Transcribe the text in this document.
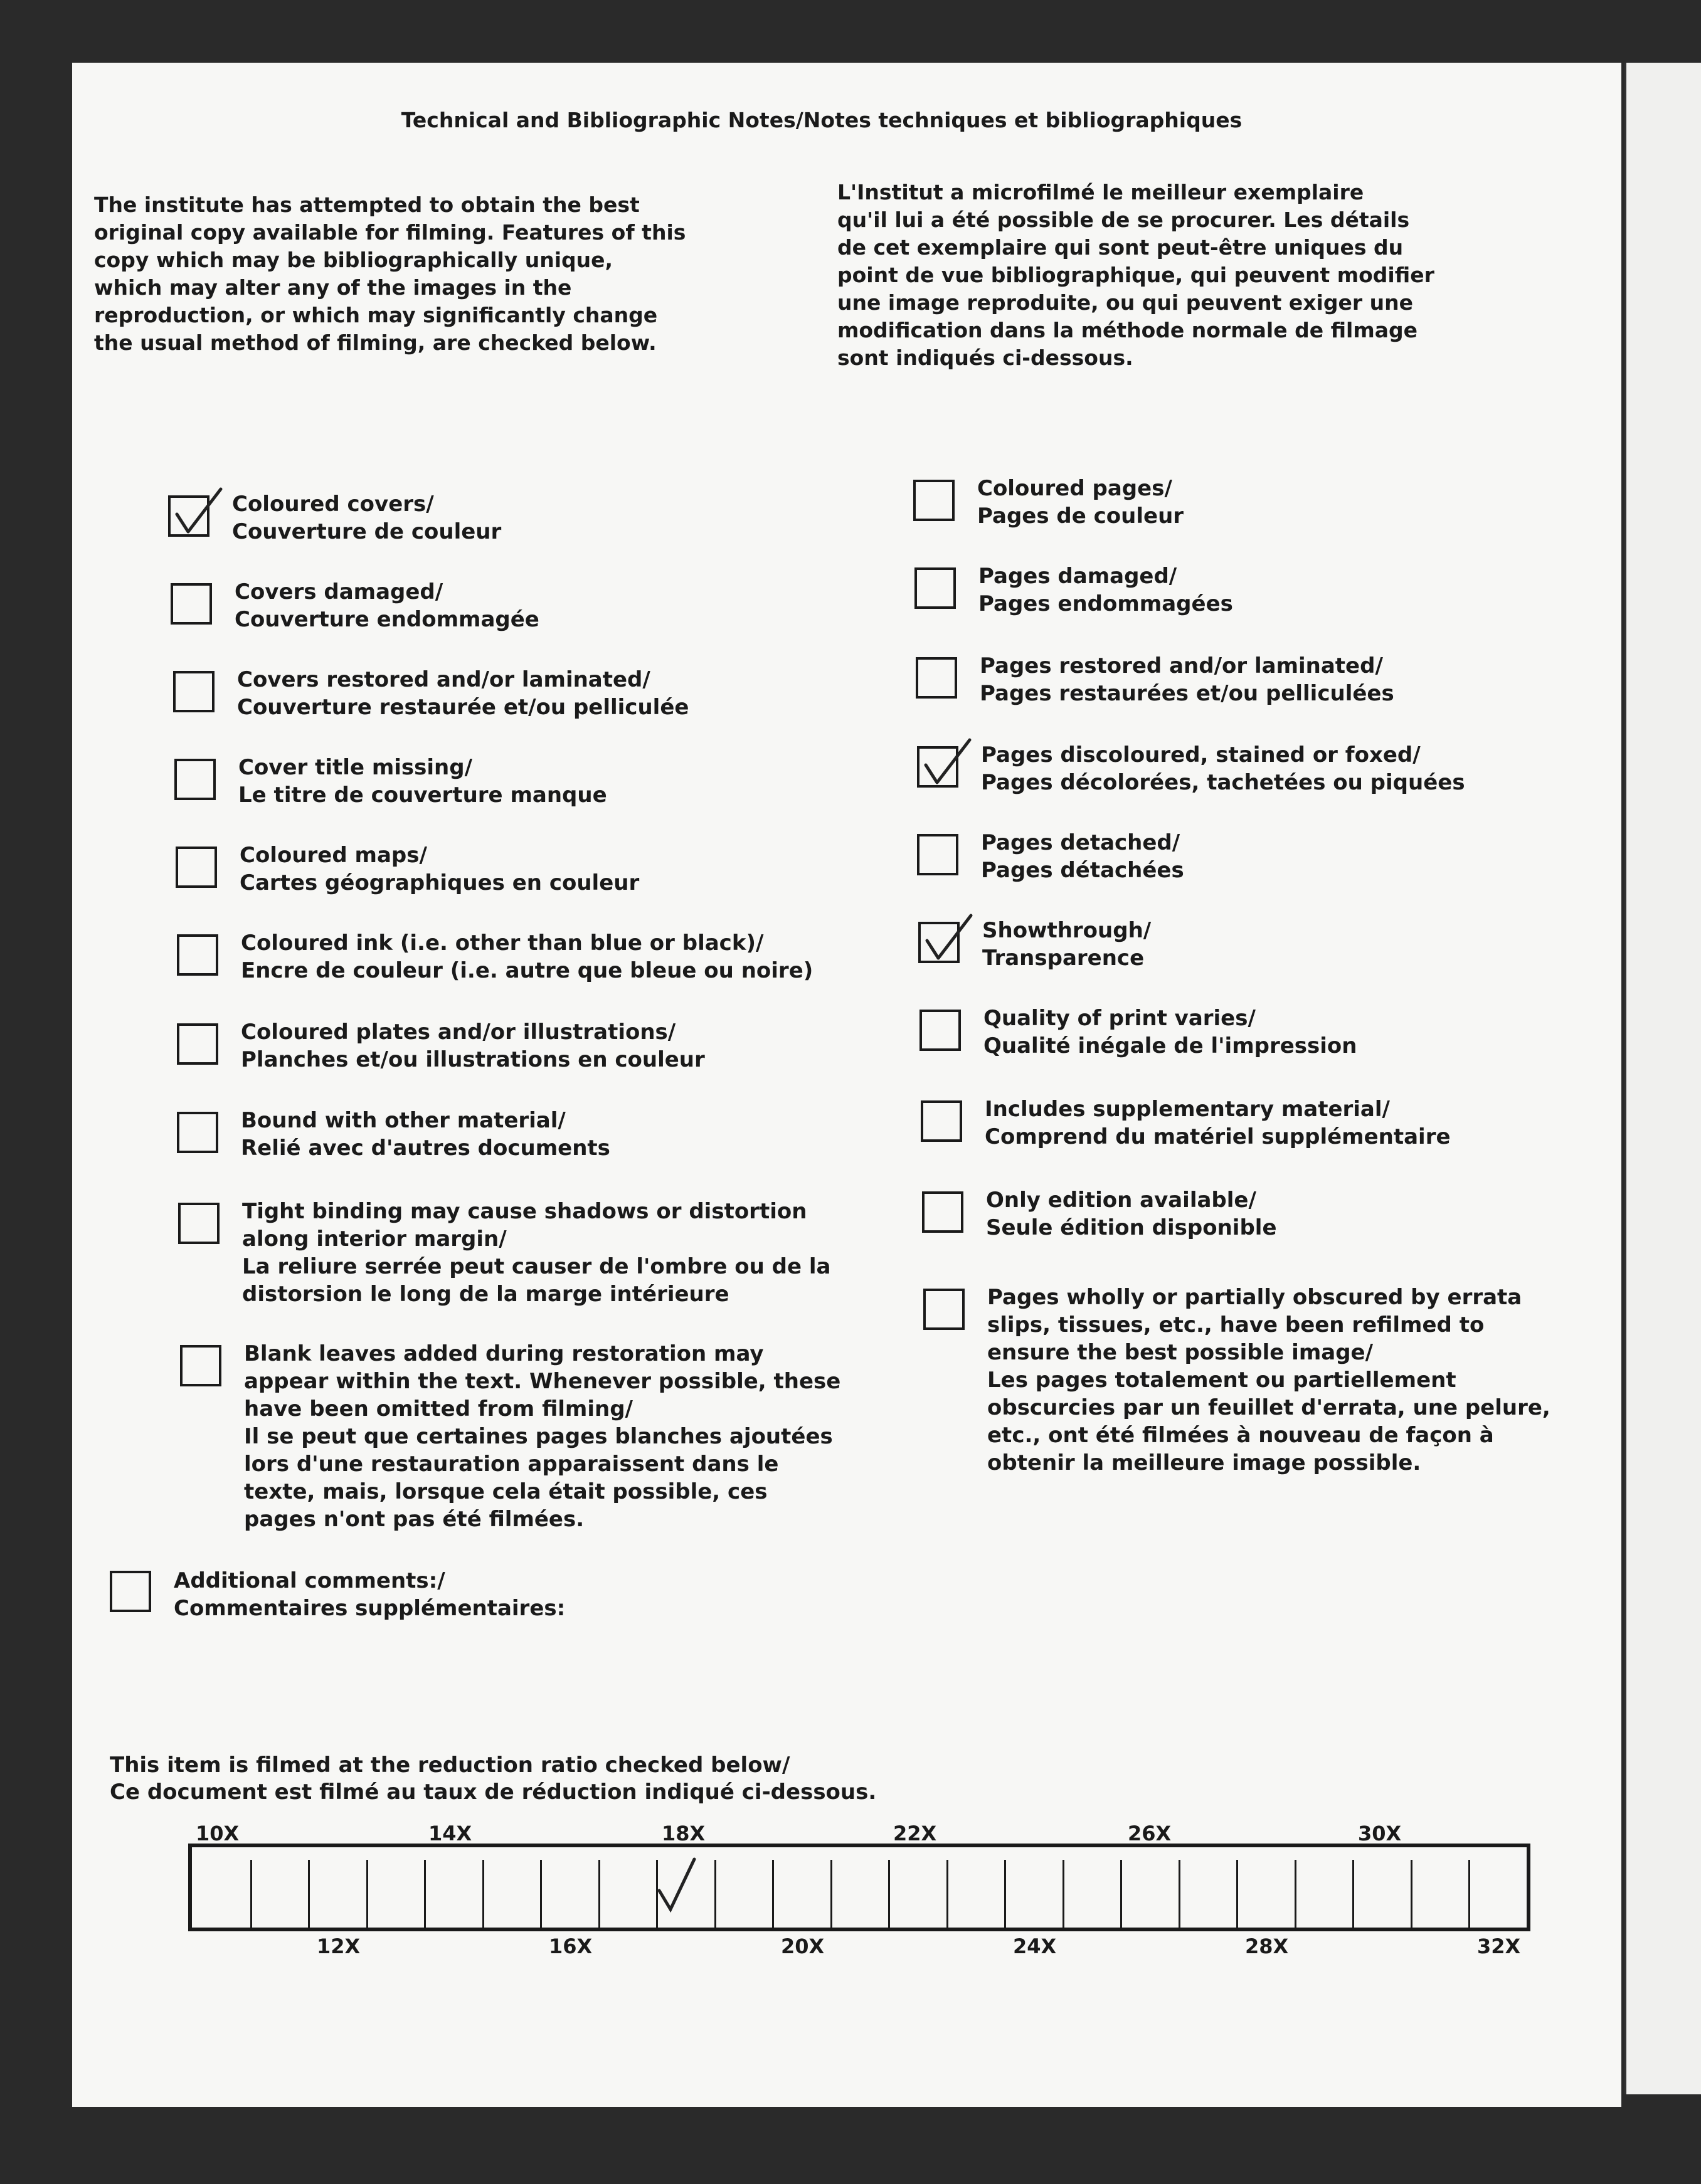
Technical and Bibliographic Notes/Notes techniques et bibliographiques

The institute has attempted to obtain the best
original copy available for filming. Features of this
copy which may be bibliographically unique,
which may alter any of the images in the
reproduction, or which may significantly change
the usual method of filming, are checked below.

L'Institut a microfilmé le meilleur exemplaire
qu'il lui a été possible de se procurer. Les détails
de cet exemplaire qui sont peut-être uniques du
point de vue bibliographique, qui peuvent modifier
une image reproduite, ou qui peuvent exiger une
modification dans la méthode normale de filmage
sont indiqués ci-dessous.

Coloured covers/
Couverture de couleur
Covers damaged/
Couverture endommagée
Covers restored and/or laminated/
Couverture restaurée et/ou pelliculée
Cover title missing/
Le titre de couverture manque
Coloured maps/
Cartes géographiques en couleur
Coloured ink (i.e. other than blue or black)/
Encre de couleur (i.e. autre que bleue ou noire)
Coloured plates and/or illustrations/
Planches et/ou illustrations en couleur
Bound with other material/
Relié avec d'autres documents
Tight binding may cause shadows or distortion along interior margin/
La reliure serrée peut causer de l'ombre ou de la distorsion le long de la marge intérieure
Blank leaves added during restoration may appear within the text. Whenever possible, these have been omitted from filming/
Il se peut que certaines pages blanches ajoutées lors d'une restauration apparaissent dans le texte, mais, lorsque cela était possible, ces pages n'ont pas été filmées.
Coloured pages/
Pages de couleur
Pages damaged/
Pages endommagées
Pages restored and/or laminated/
Pages restaurées et/ou pelliculées
Pages discoloured, stained or foxed/
Pages décolorées, tachetées ou piquées
Pages detached/
Pages détachées
Showthrough/
Transparence
Quality of print varies/
Qualité inégale de l'impression
Includes supplementary material/
Comprend du matériel supplémentaire
Only edition available/
Seule édition disponible
Pages wholly or partially obscured by errata slips, tissues, etc., have been refilmed to ensure the best possible image/
Les pages totalement ou partiellement obscurcies par un feuillet d'errata, une pelure, etc., ont été filmées à nouveau de façon à obtenir la meilleure image possible.
Additional comments:/
Commentaires supplémentaires:
This item is filmed at the reduction ratio checked below/
Ce document est filmé au taux de réduction indiqué ci-dessous.
10X	14X	18X	22X	26X	30X
12X	16X	20X	24X	28X	32X
